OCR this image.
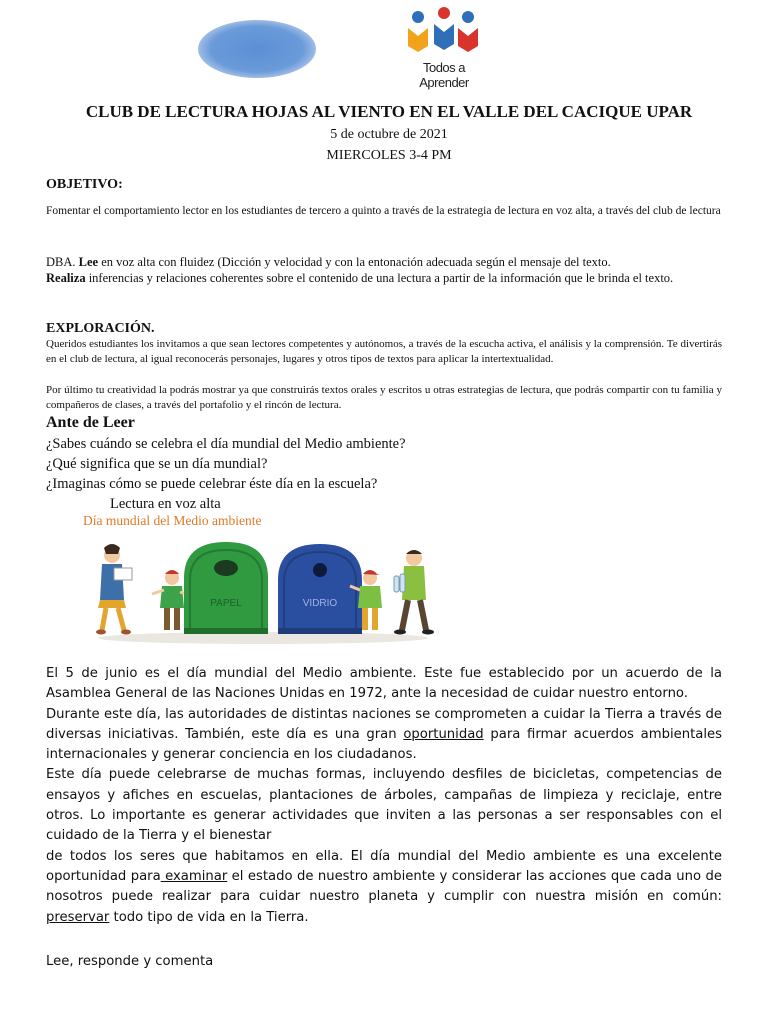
Todos a Aprender
CLUB DE LECTURA HOJAS AL VIENTO EN EL VALLE DEL CACIQUE UPAR
5 de octubre de 2021
MIERCOLES 3-4 PM
OBJETIVO:
Fomentar el comportamiento lector en los estudiantes de tercero a quinto a través de la estrategia de lectura en voz alta, a través del club de lectura
DBA. Lee en voz alta con fluidez (Dicción y velocidad y con la entonación adecuada según el mensaje del texto.
Realiza inferencias y relaciones coherentes sobre el contenido de una lectura a partir de la información que le brinda el texto.
EXPLORACIÓN.
Queridos estudiantes los invitamos a que sean lectores competentes y autónomos, a través de la escucha activa, el análisis y la comprensión. Te divertirás en el club de lectura, al igual reconocerás personajes, lugares y otros tipos de textos para aplicar la intertextualidad.
Por último tu creatividad la podrás mostrar ya que construirás textos orales y escritos u otras estrategias de lectura, que podrás compartir con tu familia y compañeros de clases, a través del portafolio y el rincón de lectura.
Ante de Leer
¿Sabes cuándo se celebra el día mundial del Medio ambiente?
¿Qué significa que se un día mundial?
¿Imaginas cómo se puede celebrar éste día en la escuela?
Lectura en voz alta
Día mundial del Medio ambiente
PAPEL	VIDRIO
El 5 de junio es el día mundial del Medio ambiente. Este fue establecido por un acuerdo de la Asamblea General de las Naciones Unidas en 1972, ante la necesidad de cuidar nuestro entorno.
Durante este día, las autoridades de distintas naciones se comprometen a cuidar la Tierra a través de diversas iniciativas. También, este día es una gran oportunidad para firmar acuerdos ambientales internacionales y generar conciencia en los ciudadanos.
Este día puede celebrarse de muchas formas, incluyendo desfiles de bicicletas, competencias de ensayos y afiches en escuelas, plantaciones de árboles, campañas de limpieza y reciclaje, entre otros. Lo importante es generar actividades que inviten a las personas a ser responsables con el cuidado de la Tierra y el bienestar
de todos los seres que habitamos en ella. El día mundial del Medio ambiente es una excelente oportunidad para examinar el estado de nuestro ambiente y considerar las acciones que cada uno de nosotros puede realizar para cuidar nuestro planeta y cumplir con nuestra misión en común: preservar todo tipo de vida en la Tierra.
Lee, responde y comenta
